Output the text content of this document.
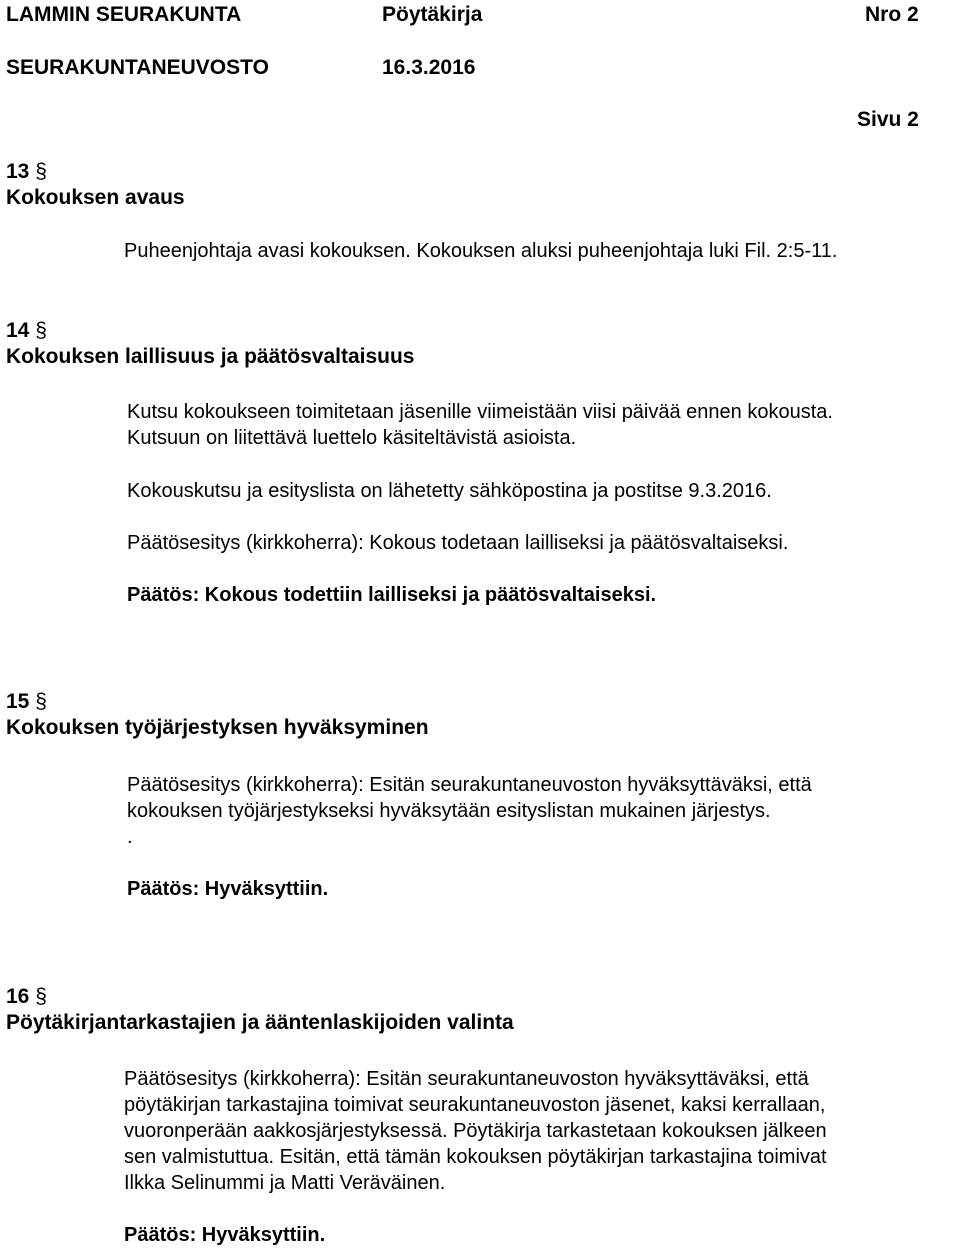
LAMMIN SEURAKUNTA	Pöytäkirja	Nro 2
SEURAKUNTANEUVOSTO	16.3.2016
Sivu 2
13 §
Kokouksen avaus
Puheenjohtaja avasi kokouksen. Kokouksen aluksi puheenjohtaja luki Fil. 2:5-11.
14 §
Kokouksen laillisuus ja päätösvaltaisuus
Kutsu kokoukseen toimitetaan jäsenille viimeistään viisi päivää ennen kokousta.
Kutsuun on liitettävä luettelo käsiteltävistä asioista.
Kokouskutsu ja esityslista on lähetetty sähköpostina ja postitse 9.3.2016.
Päätösesitys (kirkkoherra): Kokous todetaan lailliseksi ja päätösvaltaiseksi.
Päätös: Kokous todettiin lailliseksi ja päätösvaltaiseksi.
15 §
Kokouksen työjärjestyksen hyväksyminen
Päätösesitys (kirkkoherra): Esitän seurakuntaneuvoston hyväksyttäväksi, että
kokouksen työjärjestykseksi hyväksytään esityslistan mukainen järjestys.
.
Päätös: Hyväksyttiin.
16 §
Pöytäkirjantarkastajien ja ääntenlaskijoiden valinta
Päätösesitys (kirkkoherra): Esitän seurakuntaneuvoston hyväksyttäväksi, että
pöytäkirjan tarkastajina toimivat seurakuntaneuvoston jäsenet, kaksi kerrallaan,
vuoronperään aakkosjärjestyksessä. Pöytäkirja tarkastetaan kokouksen jälkeen
sen valmistuttua. Esitän, että tämän kokouksen pöytäkirjan tarkastajina toimivat
Ilkka Selinummi ja Matti Veräväinen.
Päätös: Hyväksyttiin.
